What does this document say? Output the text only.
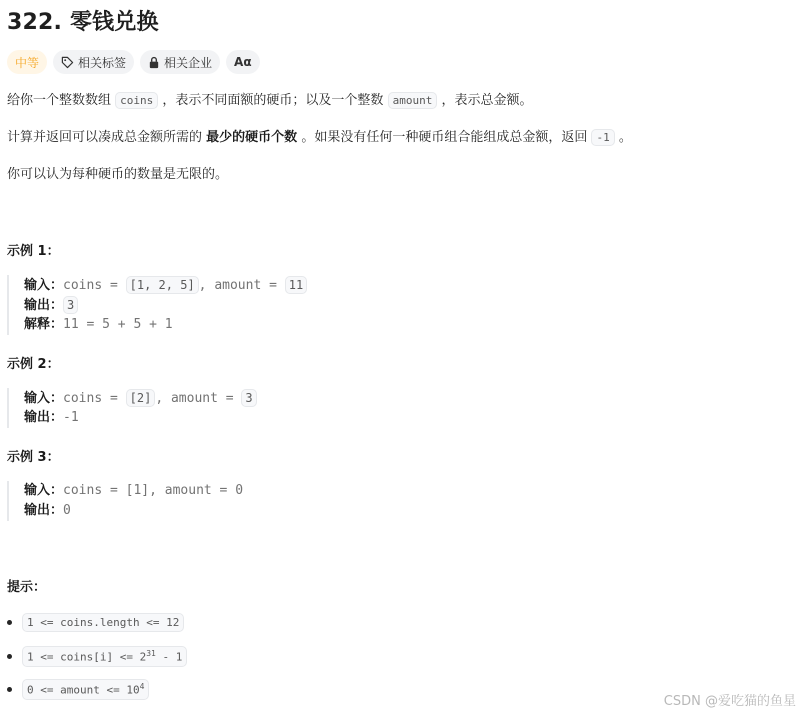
322. 零钱兑换
中等	相关标签	相关企业 Aα
给你一个整数数组 coins ，表示不同面额的硬币；以及一个整数 amount ，表示总金额。
计算并返回可以凑成总金额所需的 最少的硬币个数 。如果没有任何一种硬币组合能组成总金额，返回 -1 。
你可以认为每种硬币的数量是无限的。
示例 1：
输入：coins = [1, 2, 5] , amount = 11
输出： 3
解释：11 = 5 + 5 + 1
示例 2：
输入：coins = [2] , amount = 3
输出：-1
示例 3：
输入：coins = [1], amount = 0
输出：0
提示：
1 <= coins.length <= 12
1 <= coins[i] <= $2^{31} - 1$
0 <= amount <= $10^4$
CSDN @爱吃猫的鱼星
